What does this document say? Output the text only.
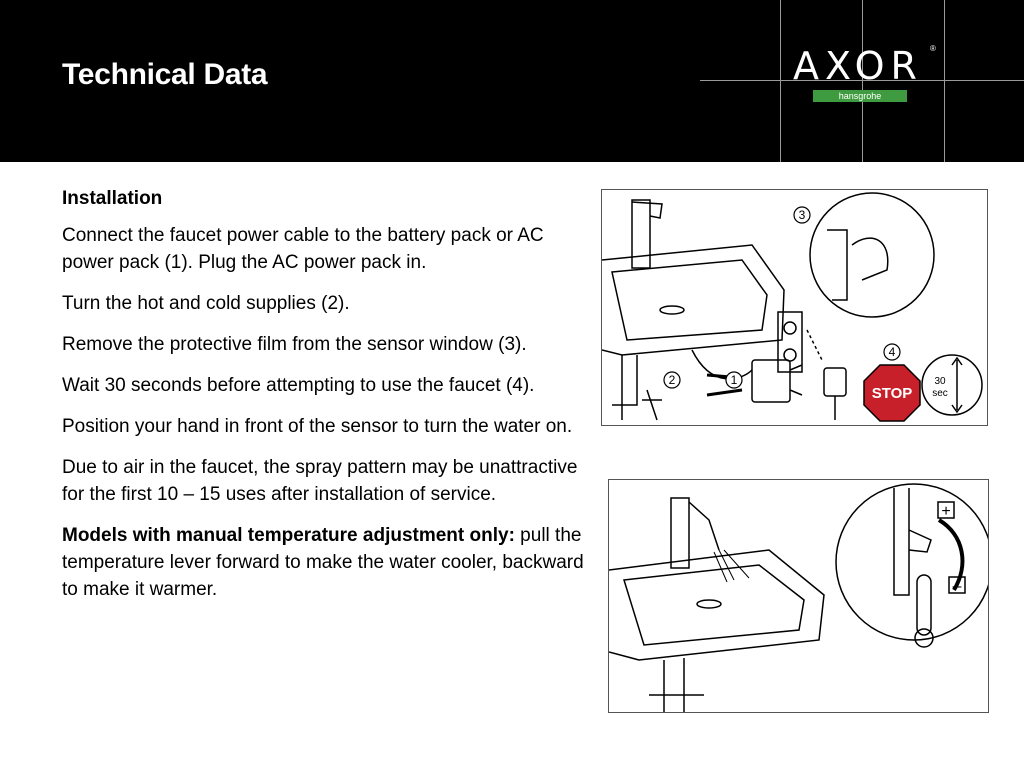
Technical Data	AXOR ®
hansgrohe

Installation

Connect the faucet power cable to the battery pack or AC power pack (1). Plug the AC power pack in.

Turn the hot and cold supplies (2).

Remove the protective film from the sensor window (3).

Wait 30 seconds before attempting to use the faucet (4).

Position your hand in front of the sensor to turn the water on.

Due to air in the faucet, the spray pattern may be unattractive for the first 10 – 15 uses after installation of service.

Models with manual temperature adjustment only: pull the temperature lever forward to make the water cooler, backward to make it warmer.

3
1
2
4
STOP
30
sec
+
–
